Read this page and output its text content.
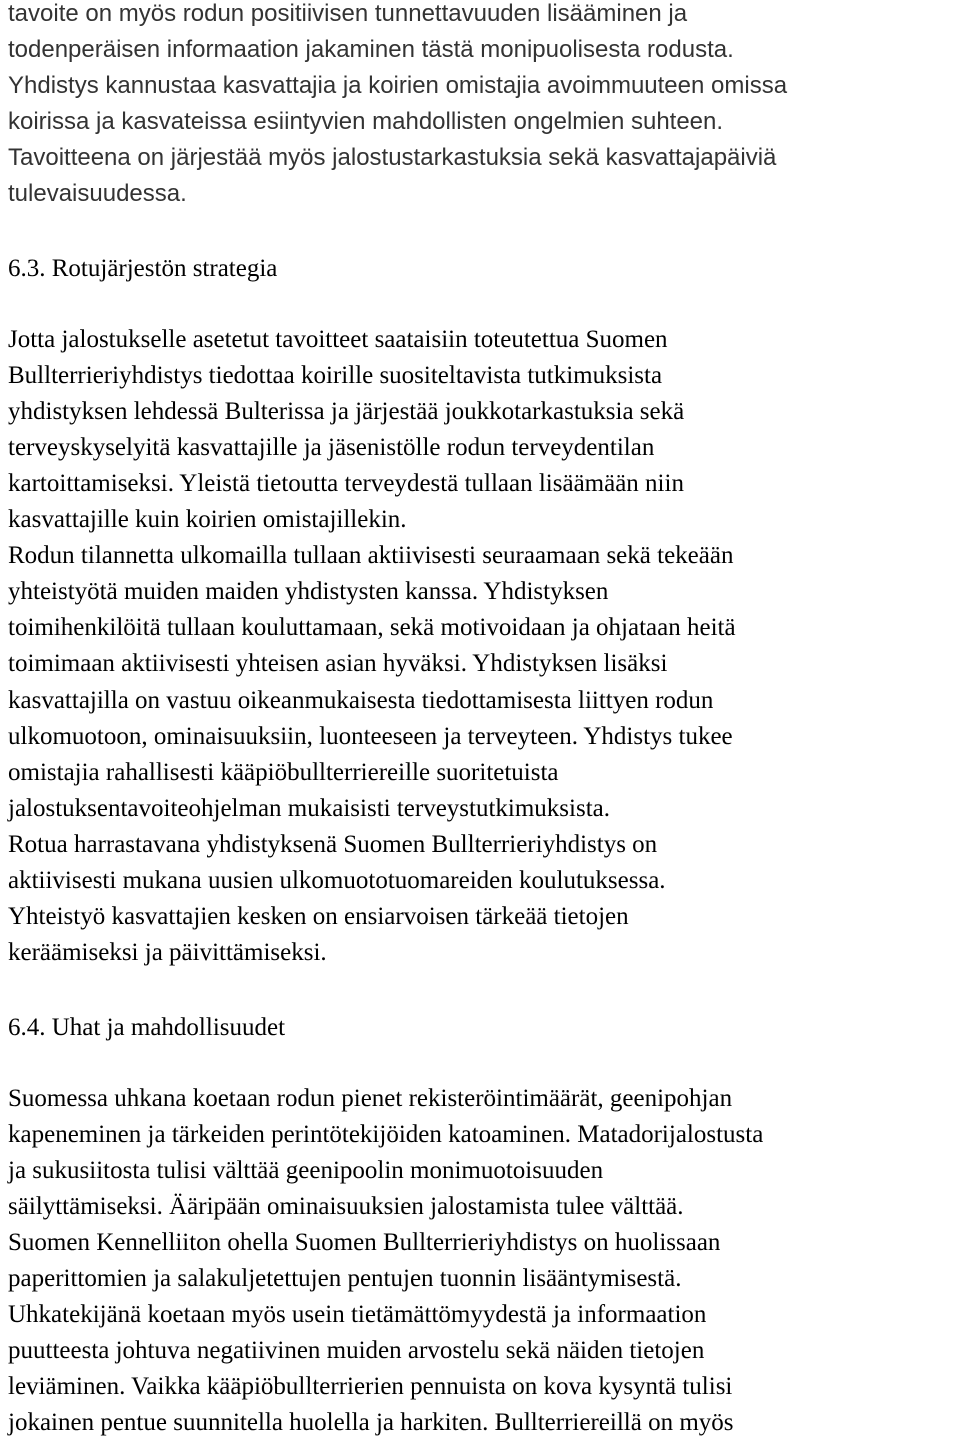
tavoite on myös rodun positiivisen tunnettavuuden lisääminen ja
todenperäisen informaation jakaminen tästä monipuolisesta rodusta.
Yhdistys kannustaa kasvattajia ja koirien omistajia avoimmuuteen omissa
koirissa ja kasvateissa esiintyvien mahdollisten ongelmien suhteen.
Tavoitteena on järjestää myös jalostustarkastuksia sekä kasvattajapäiviä
tulevaisuudessa.
6.3. Rotujärjestön strategia
Jotta jalostukselle asetetut tavoitteet saataisiin toteutettua Suomen
Bullterrieriyhdistys tiedottaa koirille suositeltavista tutkimuksista
yhdistyksen lehdessä Bulterissa ja järjestää joukkotarkastuksia sekä
terveyskyselyitä kasvattajille ja jäsenistölle rodun terveydentilan
kartoittamiseksi. Yleistä tietoutta terveydestä tullaan lisäämään niin
kasvattajille kuin koirien omistajillekin.
Rodun tilannetta ulkomailla tullaan aktiivisesti seuraamaan sekä tekeään
yhteistyötä muiden maiden yhdistysten kanssa. Yhdistyksen
toimihenkilöitä tullaan kouluttamaan, sekä motivoidaan ja ohjataan heitä
toimimaan aktiivisesti yhteisen asian hyväksi. Yhdistyksen lisäksi
kasvattajilla on vastuu oikeanmukaisesta tiedottamisesta liittyen rodun
ulkomuotoon, ominaisuuksiin, luonteeseen ja terveyteen. Yhdistys tukee
omistajia rahallisesti kääpiöbullterriereille suoritetuista
jalostuksentavoiteohjelman mukaisisti terveystutkimuksista.
Rotua harrastavana yhdistyksenä Suomen Bullterrieriyhdistys on
aktiivisesti mukana uusien ulkomuototuomareiden koulutuksessa.
Yhteistyö kasvattajien kesken on ensiarvoisen tärkeää tietojen
keräämiseksi ja päivittämiseksi.
6.4. Uhat ja mahdollisuudet
Suomessa uhkana koetaan rodun pienet rekisteröintimäärät, geenipohjan
kapeneminen ja tärkeiden perintötekijöiden katoaminen. Matadorijalostusta
ja sukusiitosta tulisi välttää geenipoolin monimuotoisuuden
säilyttämiseksi. Ääripään ominaisuuksien jalostamista tulee välttää.
Suomen Kennelliiton ohella Suomen Bullterrieriyhdistys on huolissaan
paperittomien ja salakuljetettujen pentujen tuonnin lisääntymisestä.
Uhkatekijänä koetaan myös usein tietämättömyydestä ja informaation
puutteesta johtuva negatiivinen muiden arvostelu sekä näiden tietojen
leviäminen. Vaikka kääpiöbullterrierien pennuista on kova kysyntä tulisi
jokainen pentue suunnitella huolella ja harkiten. Bullterriereillä on myös
